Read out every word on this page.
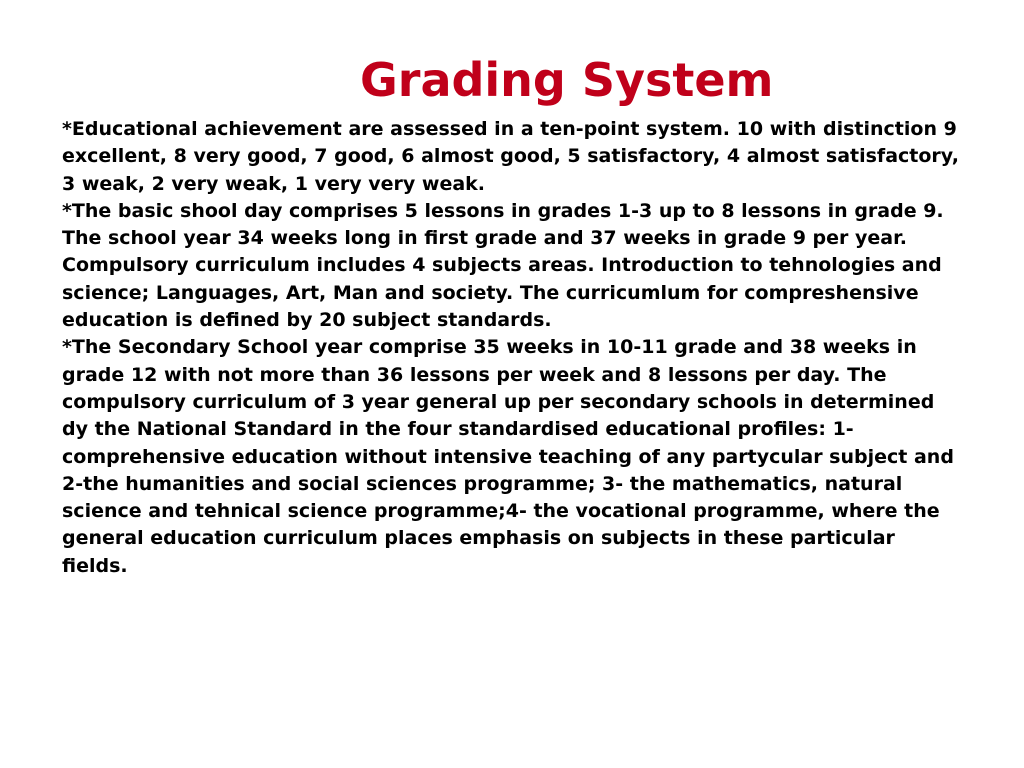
Grading System

*Educational achievement are assessed in a ten-point system. 10 with distinction 9 excellent, 8 very good, 7 good, 6 almost good, 5 satisfactory, 4 almost satisfactory, 3 weak, 2 very weak, 1 very very weak.

*The basic shool day comprises 5 lessons in grades 1-3 up to 8 lessons in grade 9. The school year 34 weeks long in first grade and 37 weeks in grade 9 per year. Compulsory curriculum includes 4 subjects areas. Introduction to tehnologies and science; Languages, Art, Man and society. The curricumlum for compreshensive education is defined by 20 subject standards.

*The Secondary School year comprise 35 weeks in 10-11 grade and 38 weeks in grade 12 with not more than 36 lessons per week and 8 lessons per day. The compulsory curriculum of 3 year general up per secondary schools in determined dy the National Standard in the four standardised educational profiles: 1- comprehensive education without intensive teaching of any partycular subject and 2-the humanities and social sciences programme; 3- the mathematics, natural science and tehnical science programme;4- the vocational programme, where the general education curriculum places emphasis on subjects in these particular fields.
